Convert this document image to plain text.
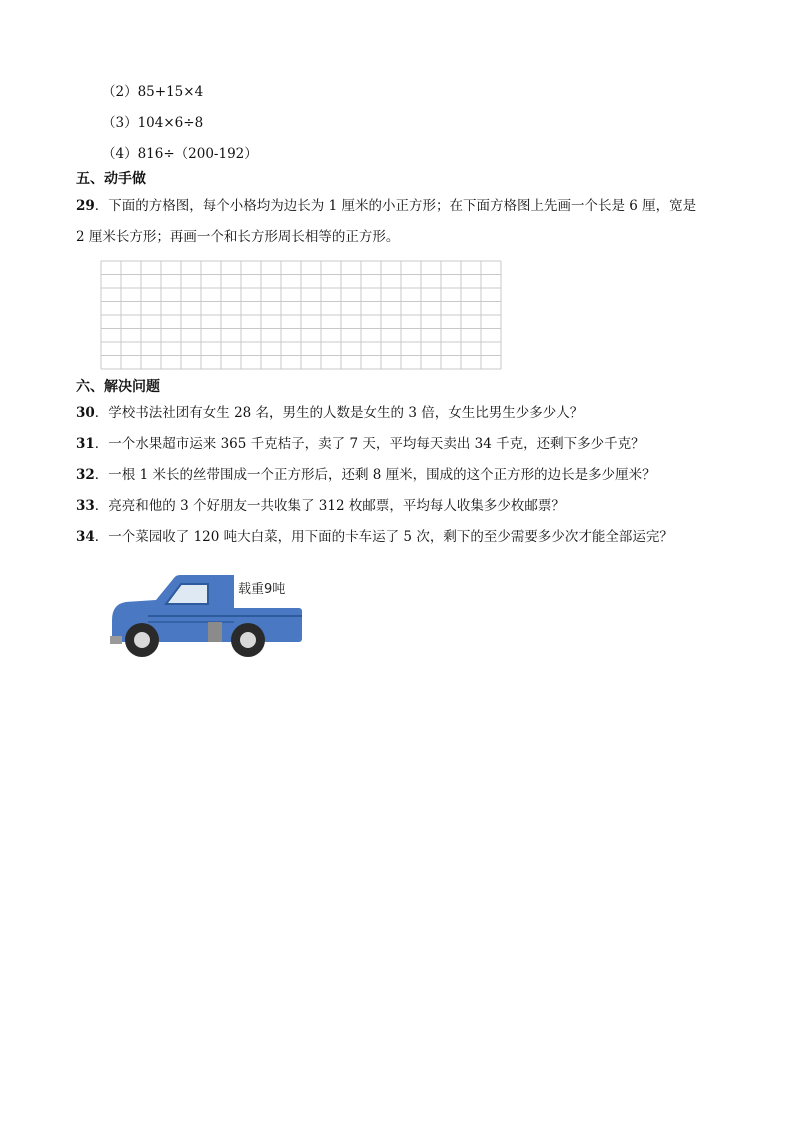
（2）85+15×4
（3）104×6÷8
（4）816÷（200-192）
五、动手做
29．下面的方格图，每个小格均为边长为 1 厘米的小正方形；在下面方格图上先画一个长是 6 厘，宽是
2 厘米长方形；再画一个和长方形周长相等的正方形。
六、解决问题
30．学校书法社团有女生 28 名，男生的人数是女生的 3 倍，女生比男生少多少人？
31．一个水果超市运来 365 千克桔子，卖了 7 天，平均每天卖出 34 千克，还剩下多少千克？
32．一根 1 米长的丝带围成一个正方形后，还剩 8 厘米，围成的这个正方形的边长是多少厘米？
33．亮亮和他的 3 个好朋友一共收集了 312 枚邮票，平均每人收集多少枚邮票？
34．一个菜园收了 120 吨大白菜，用下面的卡车运了 5 次，剩下的至少需要多少次才能全部运完？
载重9吨
